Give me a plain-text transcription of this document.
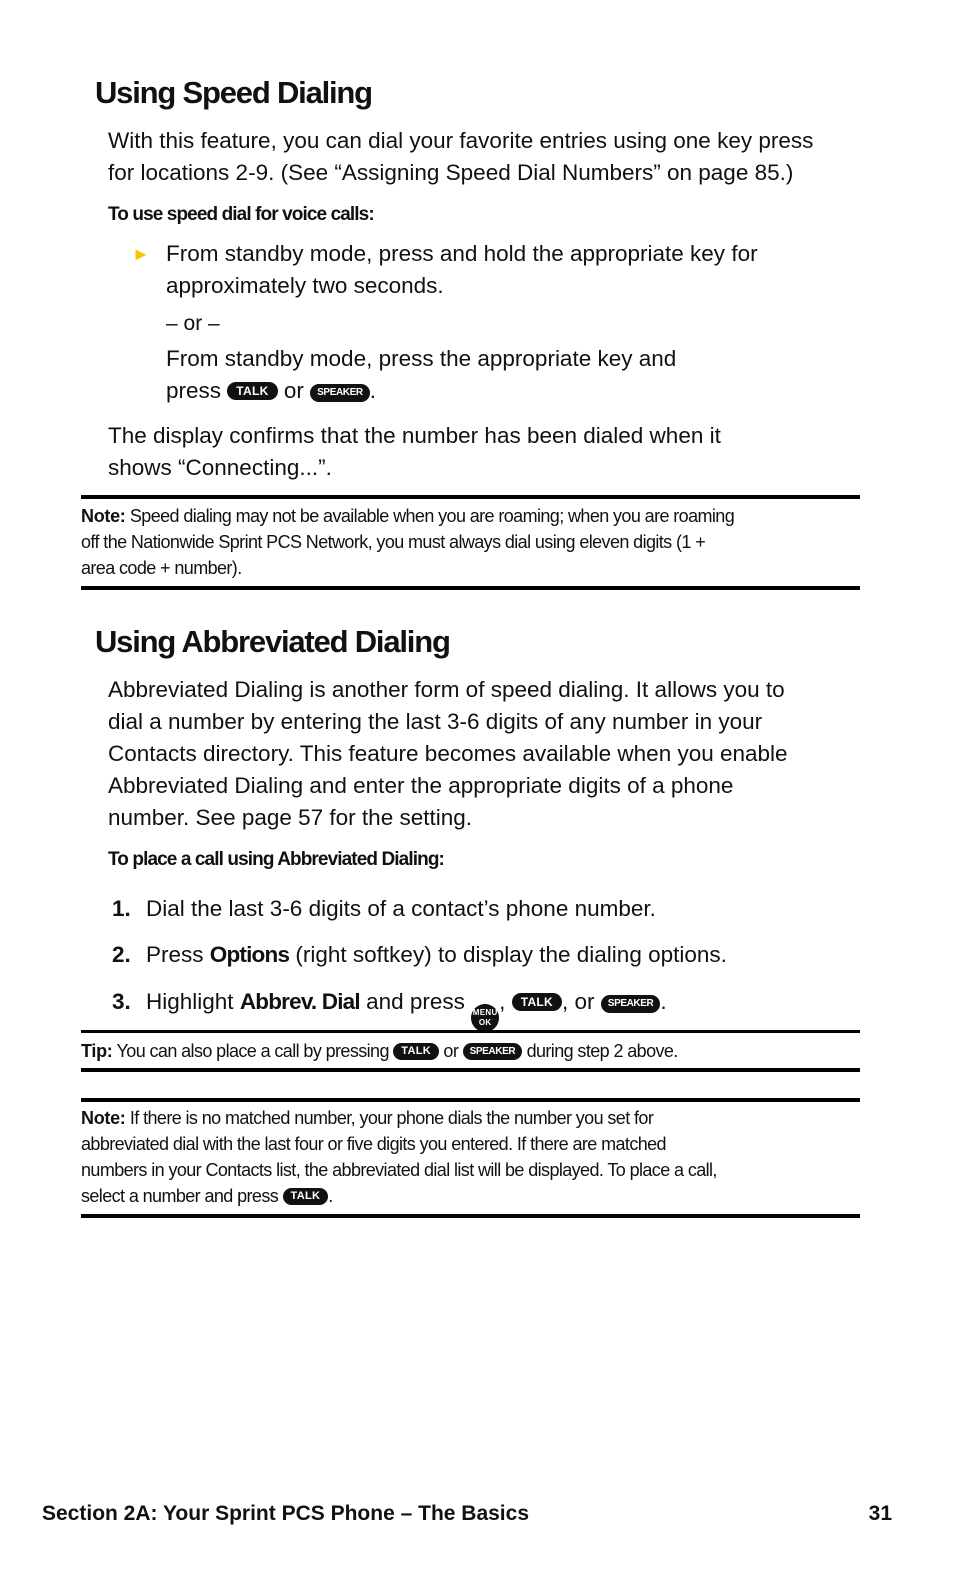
Using Speed Dialing

With this feature, you can dial your favorite entries using one key press
for locations 2-9. (See “Assigning Speed Dial Numbers” on page 85.)

To use speed dial for voice calls:

► From standby mode, press and hold the appropriate key for
approximately two seconds.

– or –

From standby mode, press the appropriate key and
press TALK or SPEAKER .

The display confirms that the number has been dialed when it
shows “Connecting...”.

Note: Speed dialing may not be available when you are roaming; when you are roaming
off the Nationwide Sprint PCS Network, you must always dial using eleven digits (1 +
area code + number).

Using Abbreviated Dialing

Abbreviated Dialing is another form of speed dialing. It allows you to
dial a number by entering the last 3-6 digits of any number in your
Contacts directory. This feature becomes available when you enable
Abbreviated Dialing and enter the appropriate digits of a phone
number. See page 57 for the setting.

To place a call using Abbreviated Dialing:

1. Dial the last 3-6 digits of a contact’s phone number.
2. Press Options (right softkey) to display the dialing options.
3. Highlight Abbrev. Dial and press MENU
OK
, TALK , or SPEAKER .

Tip: You can also place a call by pressing TALK or SPEAKER during step 2 above.

Note: If there is no matched number, your phone dials the number you set for
abbreviated dial with the last four or five digits you entered. If there are matched
numbers in your Contacts list, the abbreviated dial list will be displayed. To place a call,
select a number and press TALK .

Section 2A: Your Sprint PCS Phone – The Basics	31
